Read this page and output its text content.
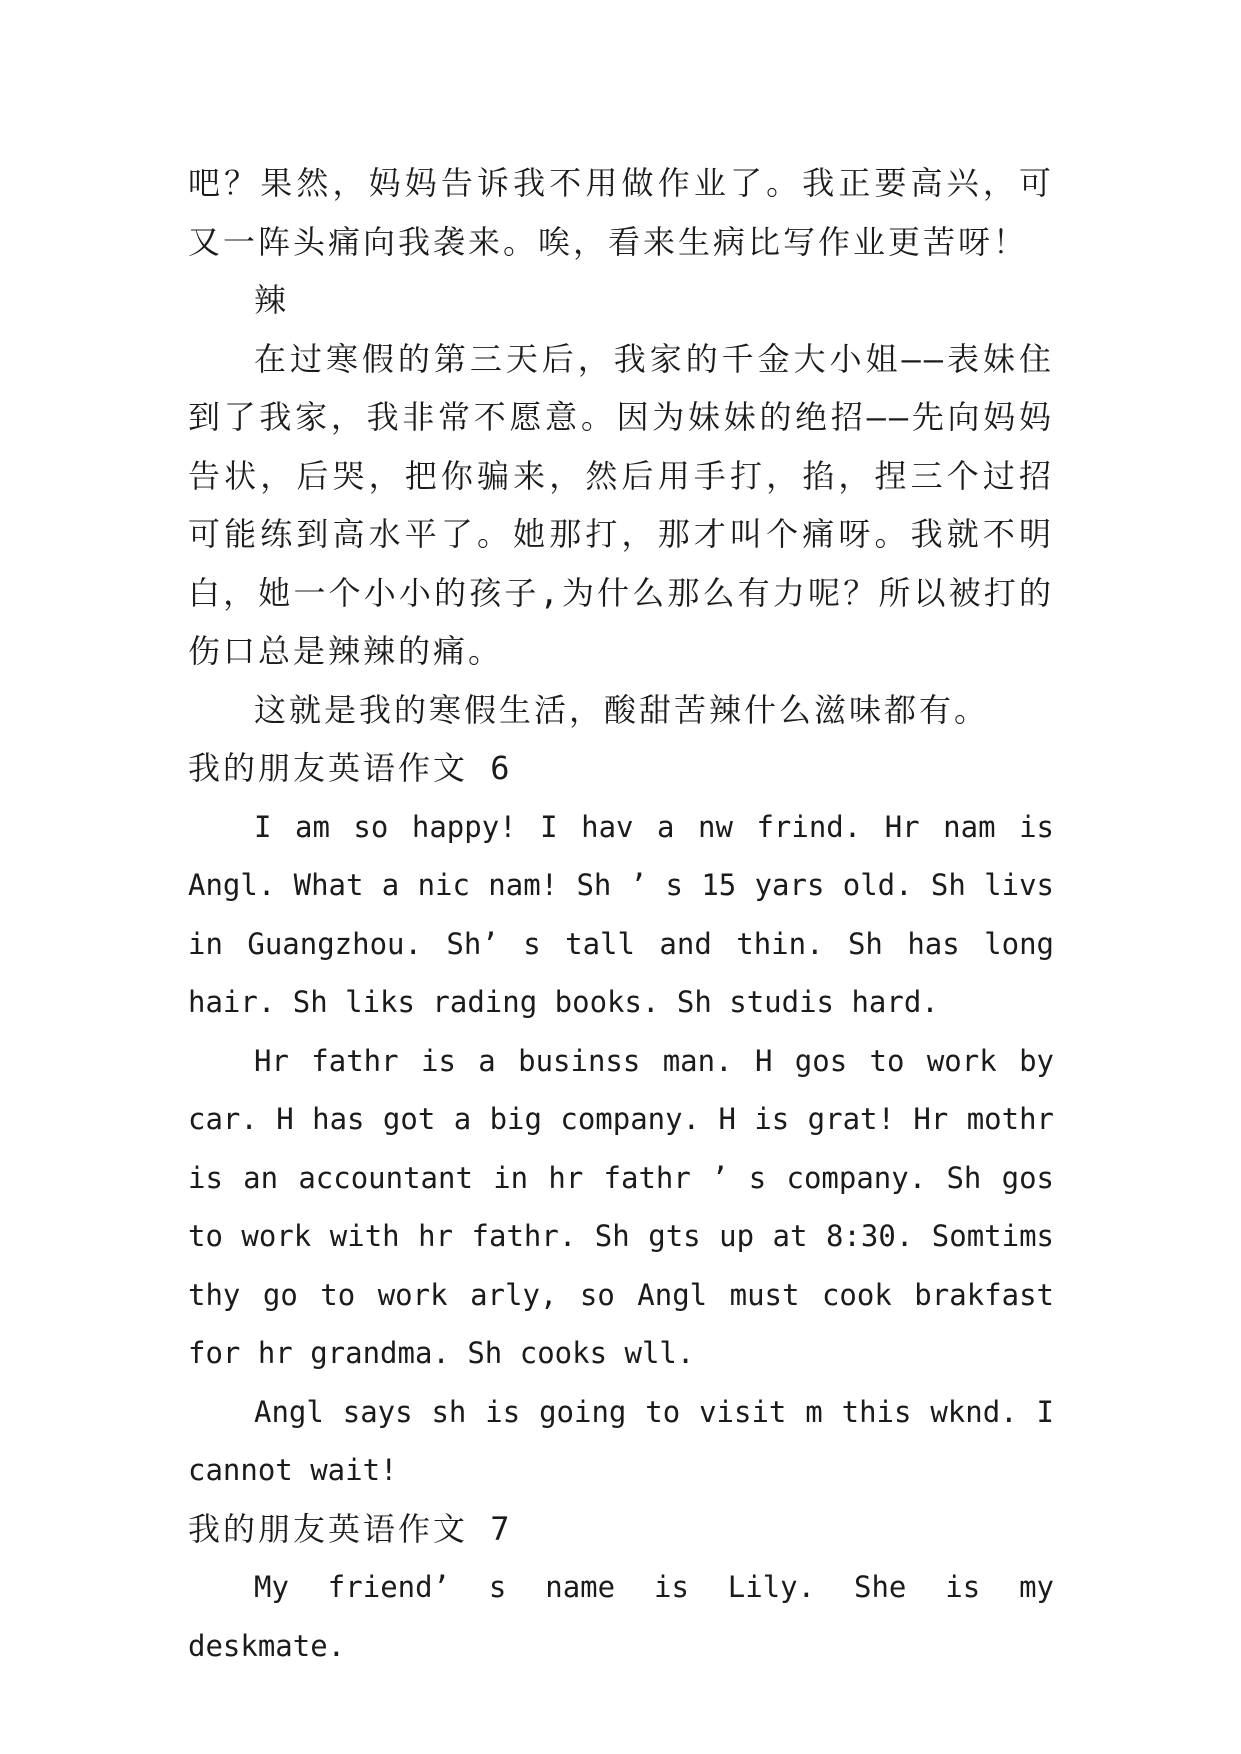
吧？果然，妈妈告诉我不用做作业了。我正要高兴，可又一阵头痛向我袭来。唉，看来生病比写作业更苦呀！

辣

在过寒假的第三天后，我家的千金大小姐——表妹住到了我家，我非常不愿意。因为妹妹的绝招——先向妈妈告状，后哭，把你骗来，然后用手打，掐，捏三个过招可能练到高水平了。她那打，那才叫个痛呀。我就不明白，她一个小小的孩子,为什么那么有力呢？所以被打的伤口总是辣辣的痛。

这就是我的寒假生活，酸甜苦辣什么滋味都有。

我的朋友英语作文 6

I am so happy! I hav a nw frind. Hr nam is Angl. What a nic nam! Sh ’ s 15 yars old. Sh livs in Guangzhou. Sh’ s tall and thin. Sh has long hair. Sh liks rading books. Sh studis hard.

Hr fathr is a businss man. H gos to work by car. H has got a big company. H is grat! Hr mothr is an accountant in hr fathr ’ s company. Sh gos to work with hr fathr. Sh gts up at 8:30. Somtims thy go to work arly, so Angl must cook brakfast for hr grandma. Sh cooks wll.

Angl says sh is going to visit m this wknd. I cannot wait!

我的朋友英语作文 7

My friend’ s name is Lily. She is my deskmate.
